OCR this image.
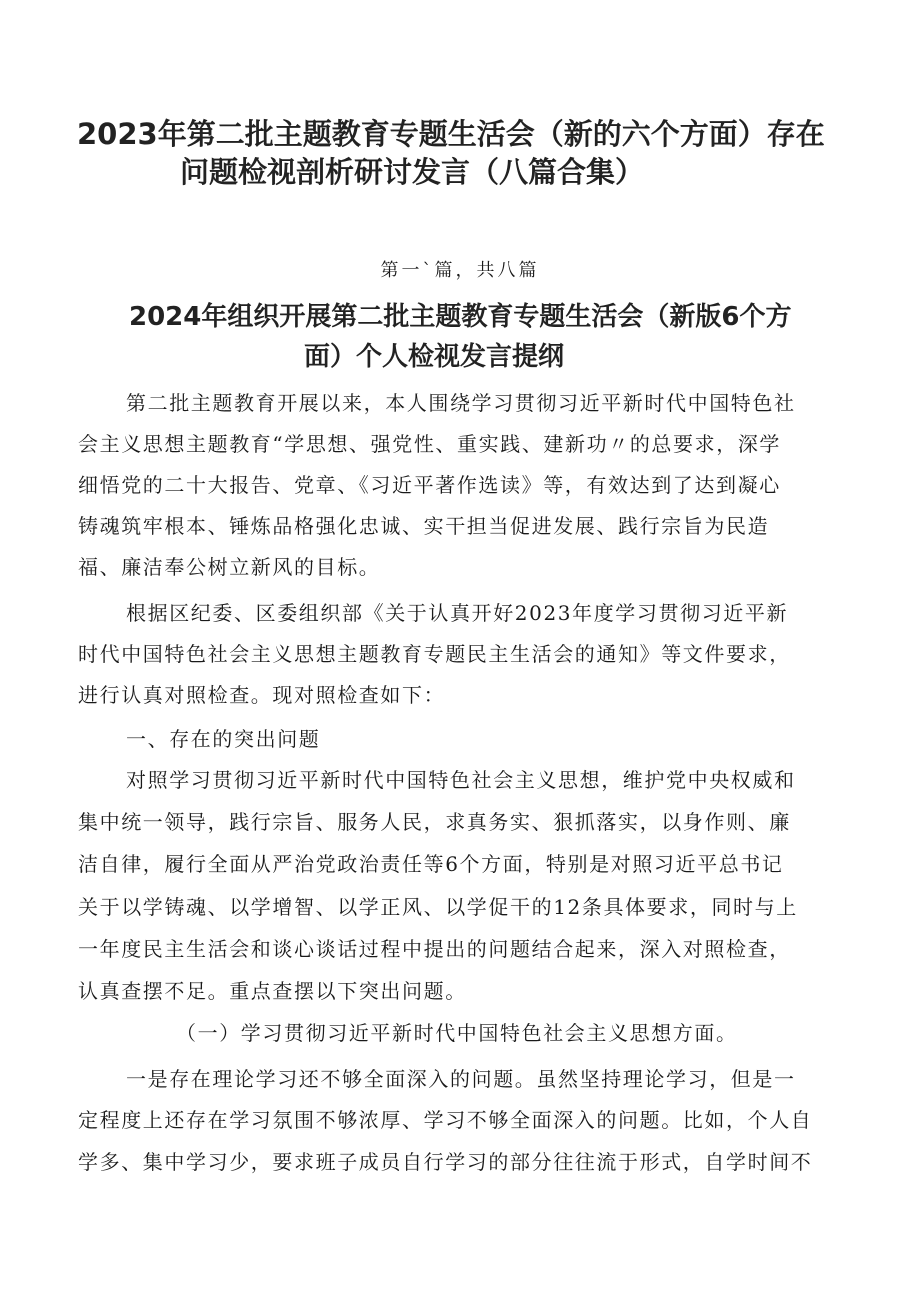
2023年第二批主题教育专题生活会（新的六个方面）存在
问题检视剖析研讨发言（八篇合集）

第一`篇，共八篇

2024年组织开展第二批主题教育专题生活会（新版6个方
面）个人检视发言提纲

第二批主题教育开展以来，本人围绕学习贯彻习近平新时代中国特色社

会主义思想主题教育“学思想、强党性、重实践、建新功〃的总要求，深学

细悟党的二十大报告、党章、《习近平著作选读》等，有效达到了达到凝心

铸魂筑牢根本、锤炼品格强化忠诚、实干担当促进发展、践行宗旨为民造

福、廉洁奉公树立新风的目标。

根据区纪委、区委组织部《关于认真开好2023年度学习贯彻习近平新

时代中国特色社会主义思想主题教育专题民主生活会的通知》等文件要求，

进行认真对照检查。现对照检查如下：

一、存在的突出问题

对照学习贯彻习近平新时代中国特色社会主义思想，维护党中央权威和

集中统一领导，践行宗旨、服务人民，求真务实、狠抓落实，以身作则、廉

洁自律，履行全面从严治党政治责任等6个方面，特别是对照习近平总书记

关于以学铸魂、以学增智、以学正风、以学促干的12条具体要求，同时与上

一年度民主生活会和谈心谈话过程中提出的问题结合起来，深入对照检查，

认真查摆不足。重点查摆以下突出问题。

（一）学习贯彻习近平新时代中国特色社会主义思想方面。

一是存在理论学习还不够全面深入的问题。虽然坚持理论学习，但是一

定程度上还存在学习氛围不够浓厚、学习不够全面深入的问题。比如，个人自

学多、集中学习少，要求班子成员自行学习的部分往往流于形式，自学时间不
